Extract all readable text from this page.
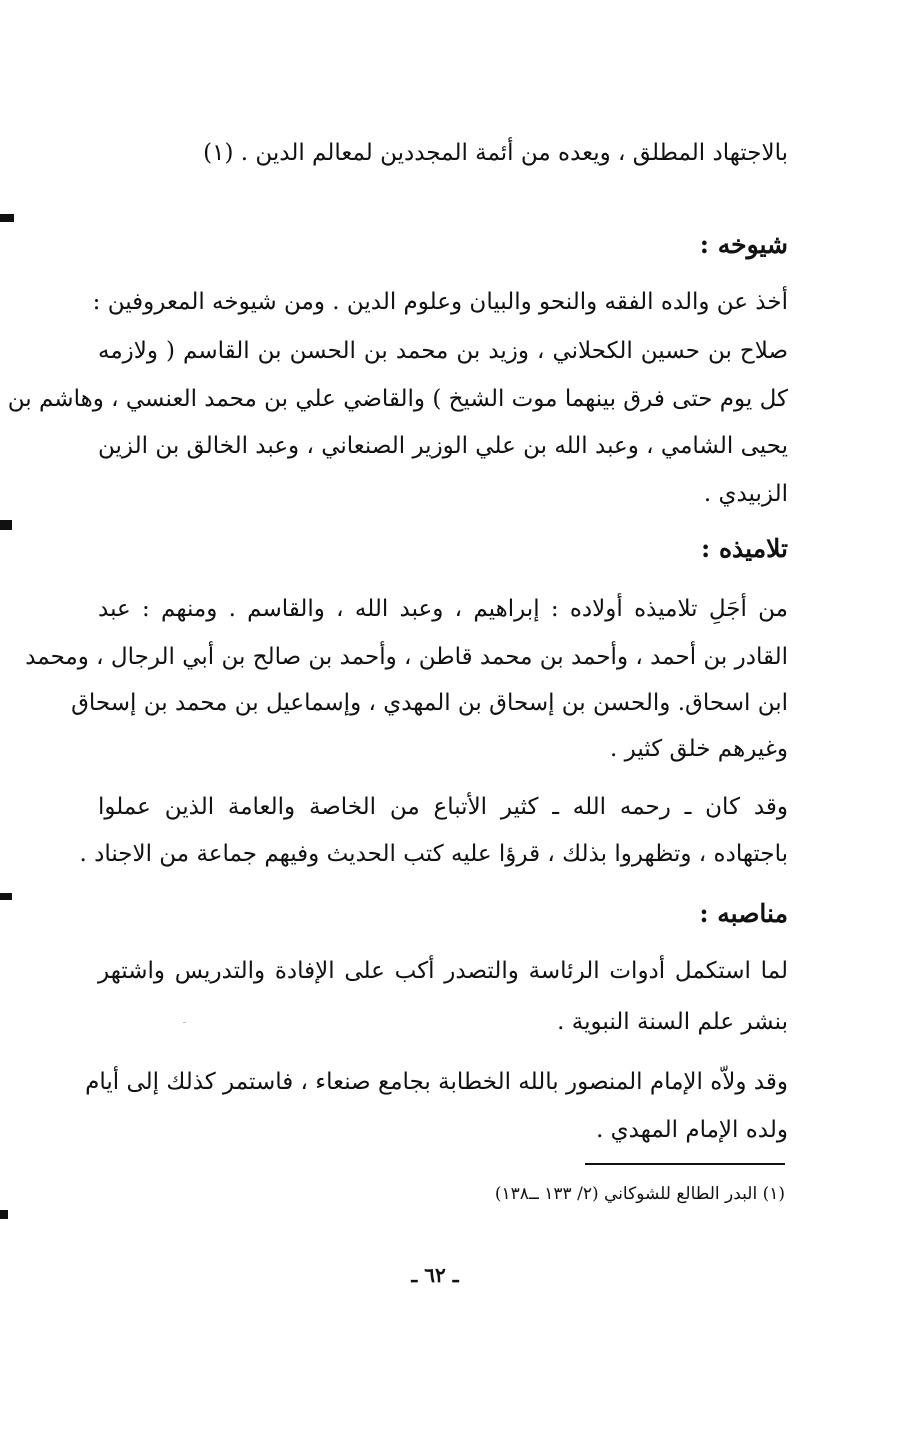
بالاجتهاد المطلق ، ويعده من أئمة المجددين لمعالم الدين . (١)
شيوخه :
أخذ عن والده الفقه والنحو والبيان وعلوم الدين . ومن شيوخه المعروفين :
صلاح بن حسين الكحلاني ، وزيد بن محمد بن الحسن بن القاسم ( ولازمه
كل يوم حتى فرق بينهما موت الشيخ ) والقاضي علي بن محمد العنسي ، وهاشم بن
يحيى الشامي ، وعبد الله بن علي الوزير الصنعاني ، وعبد الخالق بن الزين
الزبيدي .
تلاميذه :
من أجَلِ تلاميذه أولاده : إبراهيم ، وعبد الله ، والقاسم . ومنهم : عبد
القادر بن أحمد ، وأحمد بن محمد قاطن ، وأحمد بن صالح بن أبي الرجال ، ومحمد
ابن اسحاق. والحسن بن إسحاق بن المهدي ، وإسماعيل بن محمد بن إسحاق
وغيرهم خلق كثير .
وقد كان ـ رحمه الله ـ كثير الأتباع من الخاصة والعامة الذين عملوا
باجتهاده ، وتظهروا بذلك ، قرؤا عليه كتب الحديث وفيهم جماعة من الاجناد .
مناصبه :
لما استكمل أدوات الرئاسة والتصدر أكب على الإفادة والتدريس واشتهر
بنشر علم السنة النبوية .
وقد ولاّه الإمام المنصور بالله الخطابة بجامع صنعاء ، فاستمر كذلك إلى أيام
ولده الإمام المهدي .
(١) البدر الطالع للشوكاني (٢/ ١٣٣ ــ١٣٨)
ـ ٦٢ ـ
